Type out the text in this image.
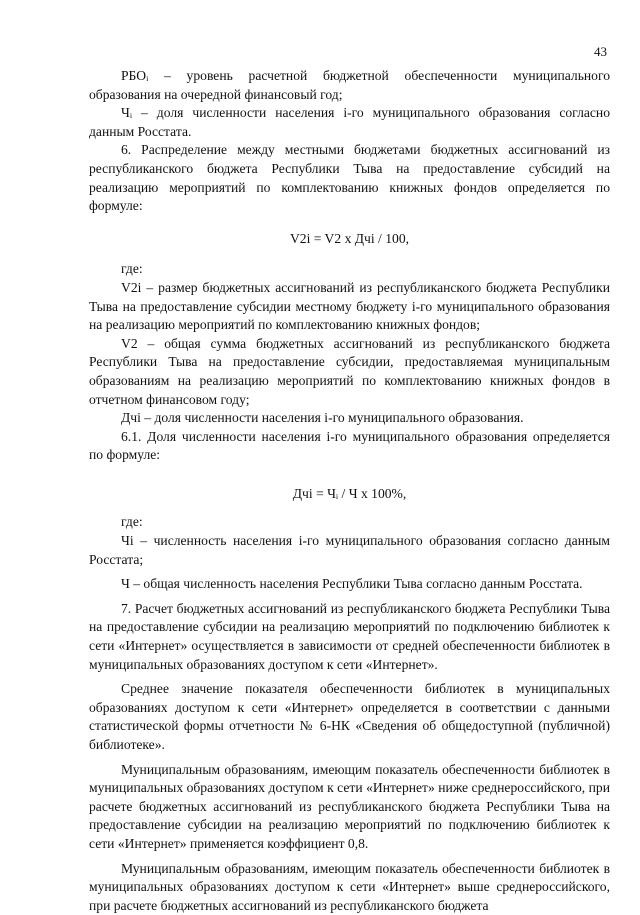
43

РБОᵢ – уровень расчетной бюджетной обеспеченности муниципального образования на очередной финансовый год;

Чᵢ – доля численности населения i-го муниципального образования согласно данным Росстата.

6. Распределение между местными бюджетами бюджетных ассигнований из республиканского бюджета Республики Тыва на предоставление субсидий на реализацию мероприятий по комплектованию книжных фондов определяется по формуле:

V2i = V2 x Дчi / 100,

где:

V2i – размер бюджетных ассигнований из республиканского бюджета Республики Тыва на предоставление субсидии местному бюджету i-го муниципального образования на реализацию мероприятий по комплектованию книжных фондов;

V2 – общая сумма бюджетных ассигнований из республиканского бюджета Республики Тыва на предоставление субсидии, предоставляемая муниципальным образованиям на реализацию мероприятий по комплектованию книжных фондов в отчетном финансовом году;

Дчi – доля численности населения i-го муниципального образования.

6.1. Доля численности населения i-го муниципального образования определяется по формуле:

Дчi = Чᵢ / Ч x 100%,

где:

Чi – численность населения i-го муниципального образования согласно данным Росстата;

Ч – общая численность населения Республики Тыва согласно данным Росстата.

7. Расчет бюджетных ассигнований из республиканского бюджета Республики Тыва на предоставление субсидии на реализацию мероприятий по подключению библиотек к сети «Интернет» осуществляется в зависимости от средней обеспеченности библиотек в муниципальных образованиях доступом к сети «Интернет».

Среднее значение показателя обеспеченности библиотек в муниципальных образованиях доступом к сети «Интернет» определяется в соответствии с данными статистической формы отчетности № 6-НК «Сведения об общедоступной (публичной) библиотеке».

Муниципальным образованиям, имеющим показатель обеспеченности библиотек в муниципальных образованиях доступом к сети «Интернет» ниже среднероссийского, при расчете бюджетных ассигнований из республиканского бюджета Республики Тыва на предоставление субсидии на реализацию мероприятий по подключению библиотек к сети «Интернет» применяется коэффициент 0,8.

Муниципальным образованиям, имеющим показатель обеспеченности библиотек в муниципальных образованиях доступом к сети «Интернет» выше среднероссийского, при расчете бюджетных ассигнований из республиканского бюджета
